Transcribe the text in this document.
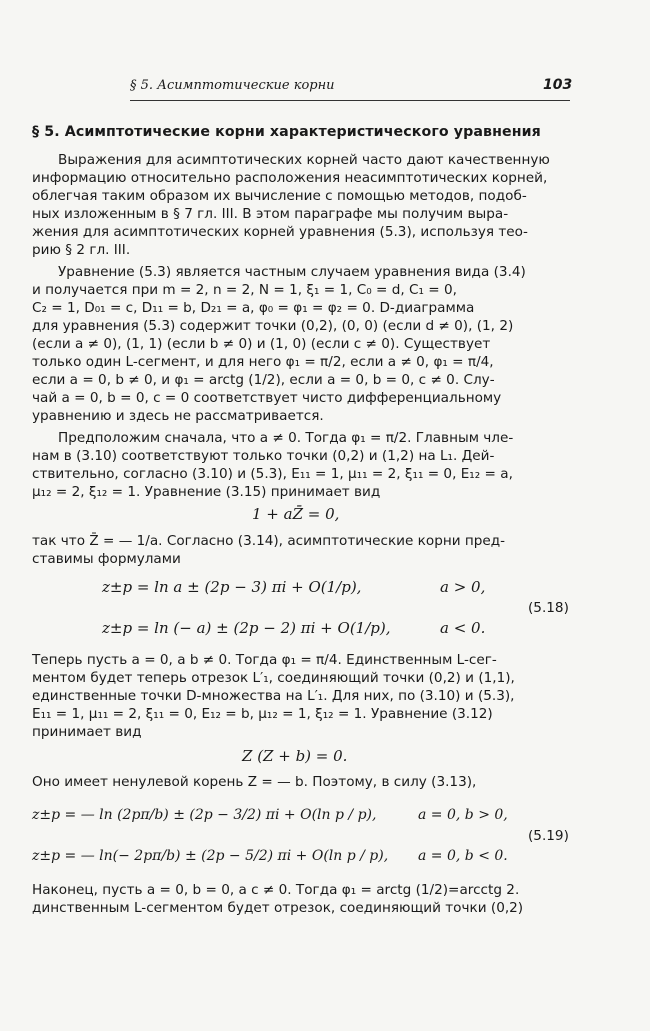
§ 5. Асимптотические корни	103
§ 5. Асимптотические корни характеристического уравнения
Выражения для асимптотических корней часто дают качественную
информацию относительно расположения неасимптотических корней,
облегчая таким образом их вычисление с помощью методов, подоб-
ных изложенным в § 7 гл. III. В этом параграфе мы получим выра-
жения для асимптотических корней уравнения (5.3), используя тео-
рию § 2 гл. III.
Уравнение (5.3) является частным случаем уравнения вида (3.4)
и получается при m = 2, n = 2, N = 1, ξ₁ = 1, C₀ = d, C₁ = 0,
C₂ = 1, D₀₁ = c, D₁₁ = b, D₂₁ = a, φ₀ = φ₁ = φ₂ = 0. D-диаграмма
для уравнения (5.3) содержит точки (0,2), (0, 0) (если d ≠ 0), (1, 2)
(если a ≠ 0), (1, 1) (если b ≠ 0) и (1, 0) (если c ≠ 0). Существует
только один L-сегмент, и для него φ₁ = π/2, если a ≠ 0, φ₁ = π/4,
если a = 0, b ≠ 0, и φ₁ = arctg (1/2), если a = 0, b = 0, c ≠ 0. Слу-
чай a = 0, b = 0, c = 0 соответствует чисто дифференциальному
уравнению и здесь не рассматривается.
Предположим сначала, что a ≠ 0. Тогда φ₁ = π/2. Главным чле-
нам в (3.10) соответствуют только точки (0,2) и (1,2) на L₁. Дей-
ствительно, согласно (3.10) и (5.3), E₁₁ = 1, μ₁₁ = 2, ξ₁₁ = 0, E₁₂ = a,
μ₁₂ = 2, ξ₁₂ = 1. Уравнение (3.15) принимает вид
1 + aZ̄ = 0,
так что Z̄ = — 1/a. Согласно (3.14), асимптотические корни пред-
ставимы формулами
z±p = ln a ± (2p − 3) πi + O(1/p),	a > 0,
(5.18)
z±p = ln (− a) ± (2p − 2) πi + O(1/p),	a < 0.
Теперь пусть a = 0, а b ≠ 0. Тогда φ₁ = π/4. Единственным L-сег-
ментом будет теперь отрезок L′₁, соединяющий точки (0,2) и (1,1),
единственные точки D-множества на L′₁. Для них, по (3.10) и (5.3),
E₁₁ = 1, μ₁₁ = 2, ξ₁₁ = 0, E₁₂ = b, μ₁₂ = 1, ξ₁₂ = 1. Уравнение (3.12)
принимает вид
Z (Z + b) = 0.
Оно имеет ненулевой корень Z = — b. Поэтому, в силу (3.13),
z±p = — ln (2pπ/b) ± (2p − 3/2) πi + O(ln p / p),	a = 0, b > 0,
(5.19)
z±p = — ln(− 2pπ/b) ± (2p − 5/2) πi + O(ln p / p), a = 0, b < 0.
Наконец, пусть a = 0, b = 0, а c ≠ 0. Тогда φ₁ = arctg (1/2)=arcctg 2.
динственным L-сегментом будет отрезок, соединяющий точки (0,2)
